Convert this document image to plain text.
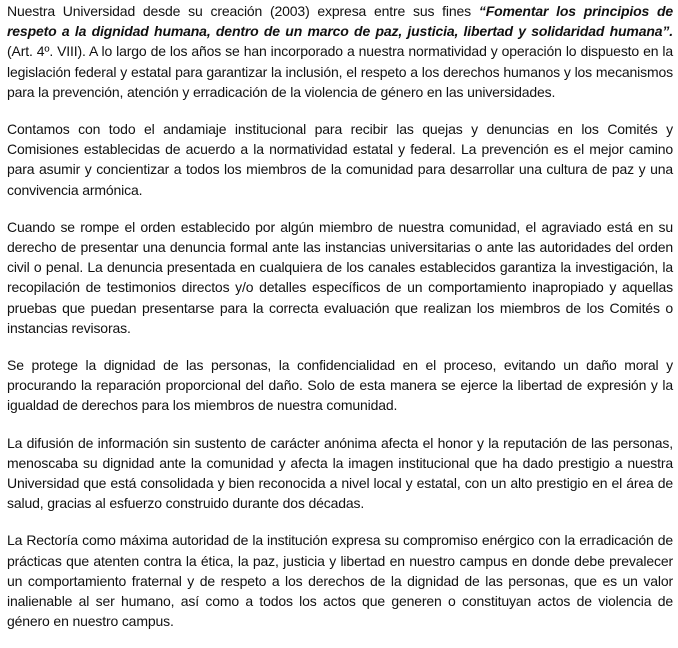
Nuestra Universidad desde su creación (2003) expresa entre sus fines “Fomentar los principios de respeto a la dignidad humana, dentro de un marco de paz, justicia, libertad y solidaridad humana”. (Art. 4º. VIII). A lo largo de los años se han incorporado a nuestra normatividad y operación lo dispuesto en la legislación federal y estatal para garantizar la inclusión, el respeto a los derechos humanos y los mecanismos para la prevención, atención y erradicación de la violencia de género en las universidades.

Contamos con todo el andamiaje institucional para recibir las quejas y denuncias en los Comités y Comisiones establecidas de acuerdo a la normatividad estatal y federal. La prevención es el mejor camino para asumir y concientizar a todos los miembros de la comunidad para desarrollar una cultura de paz y una convivencia armónica.

Cuando se rompe el orden establecido por algún miembro de nuestra comunidad, el agraviado está en su derecho de presentar una denuncia formal ante las instancias universitarias o ante las autoridades del orden civil o penal. La denuncia presentada en cualquiera de los canales establecidos garantiza la investigación, la recopilación de testimonios directos y/o detalles específicos de un comportamiento inapropiado y aquellas pruebas que puedan presentarse para la correcta evaluación que realizan los miembros de los Comités o instancias revisoras.

Se protege la dignidad de las personas, la confidencialidad en el proceso, evitando un daño moral y procurando la reparación proporcional del daño. Solo de esta manera se ejerce la libertad de expresión y la igualdad de derechos para los miembros de nuestra comunidad.

La difusión de información sin sustento de carácter anónima afecta el honor y la reputación de las personas, menoscaba su dignidad ante la comunidad y afecta la imagen institucional que ha dado prestigio a nuestra Universidad que está consolidada y bien reconocida a nivel local y estatal, con un alto prestigio en el área de salud, gracias al esfuerzo construido durante dos décadas.

La Rectoría como máxima autoridad de la institución expresa su compromiso enérgico con la erradicación de prácticas que atenten contra la ética, la paz, justicia y libertad en nuestro campus en donde debe prevalecer un comportamiento fraternal y de respeto a los derechos de la dignidad de las personas, que es un valor inalienable al ser humano, así como a todos los actos que generen o constituyan actos de violencia de género en nuestro campus.
